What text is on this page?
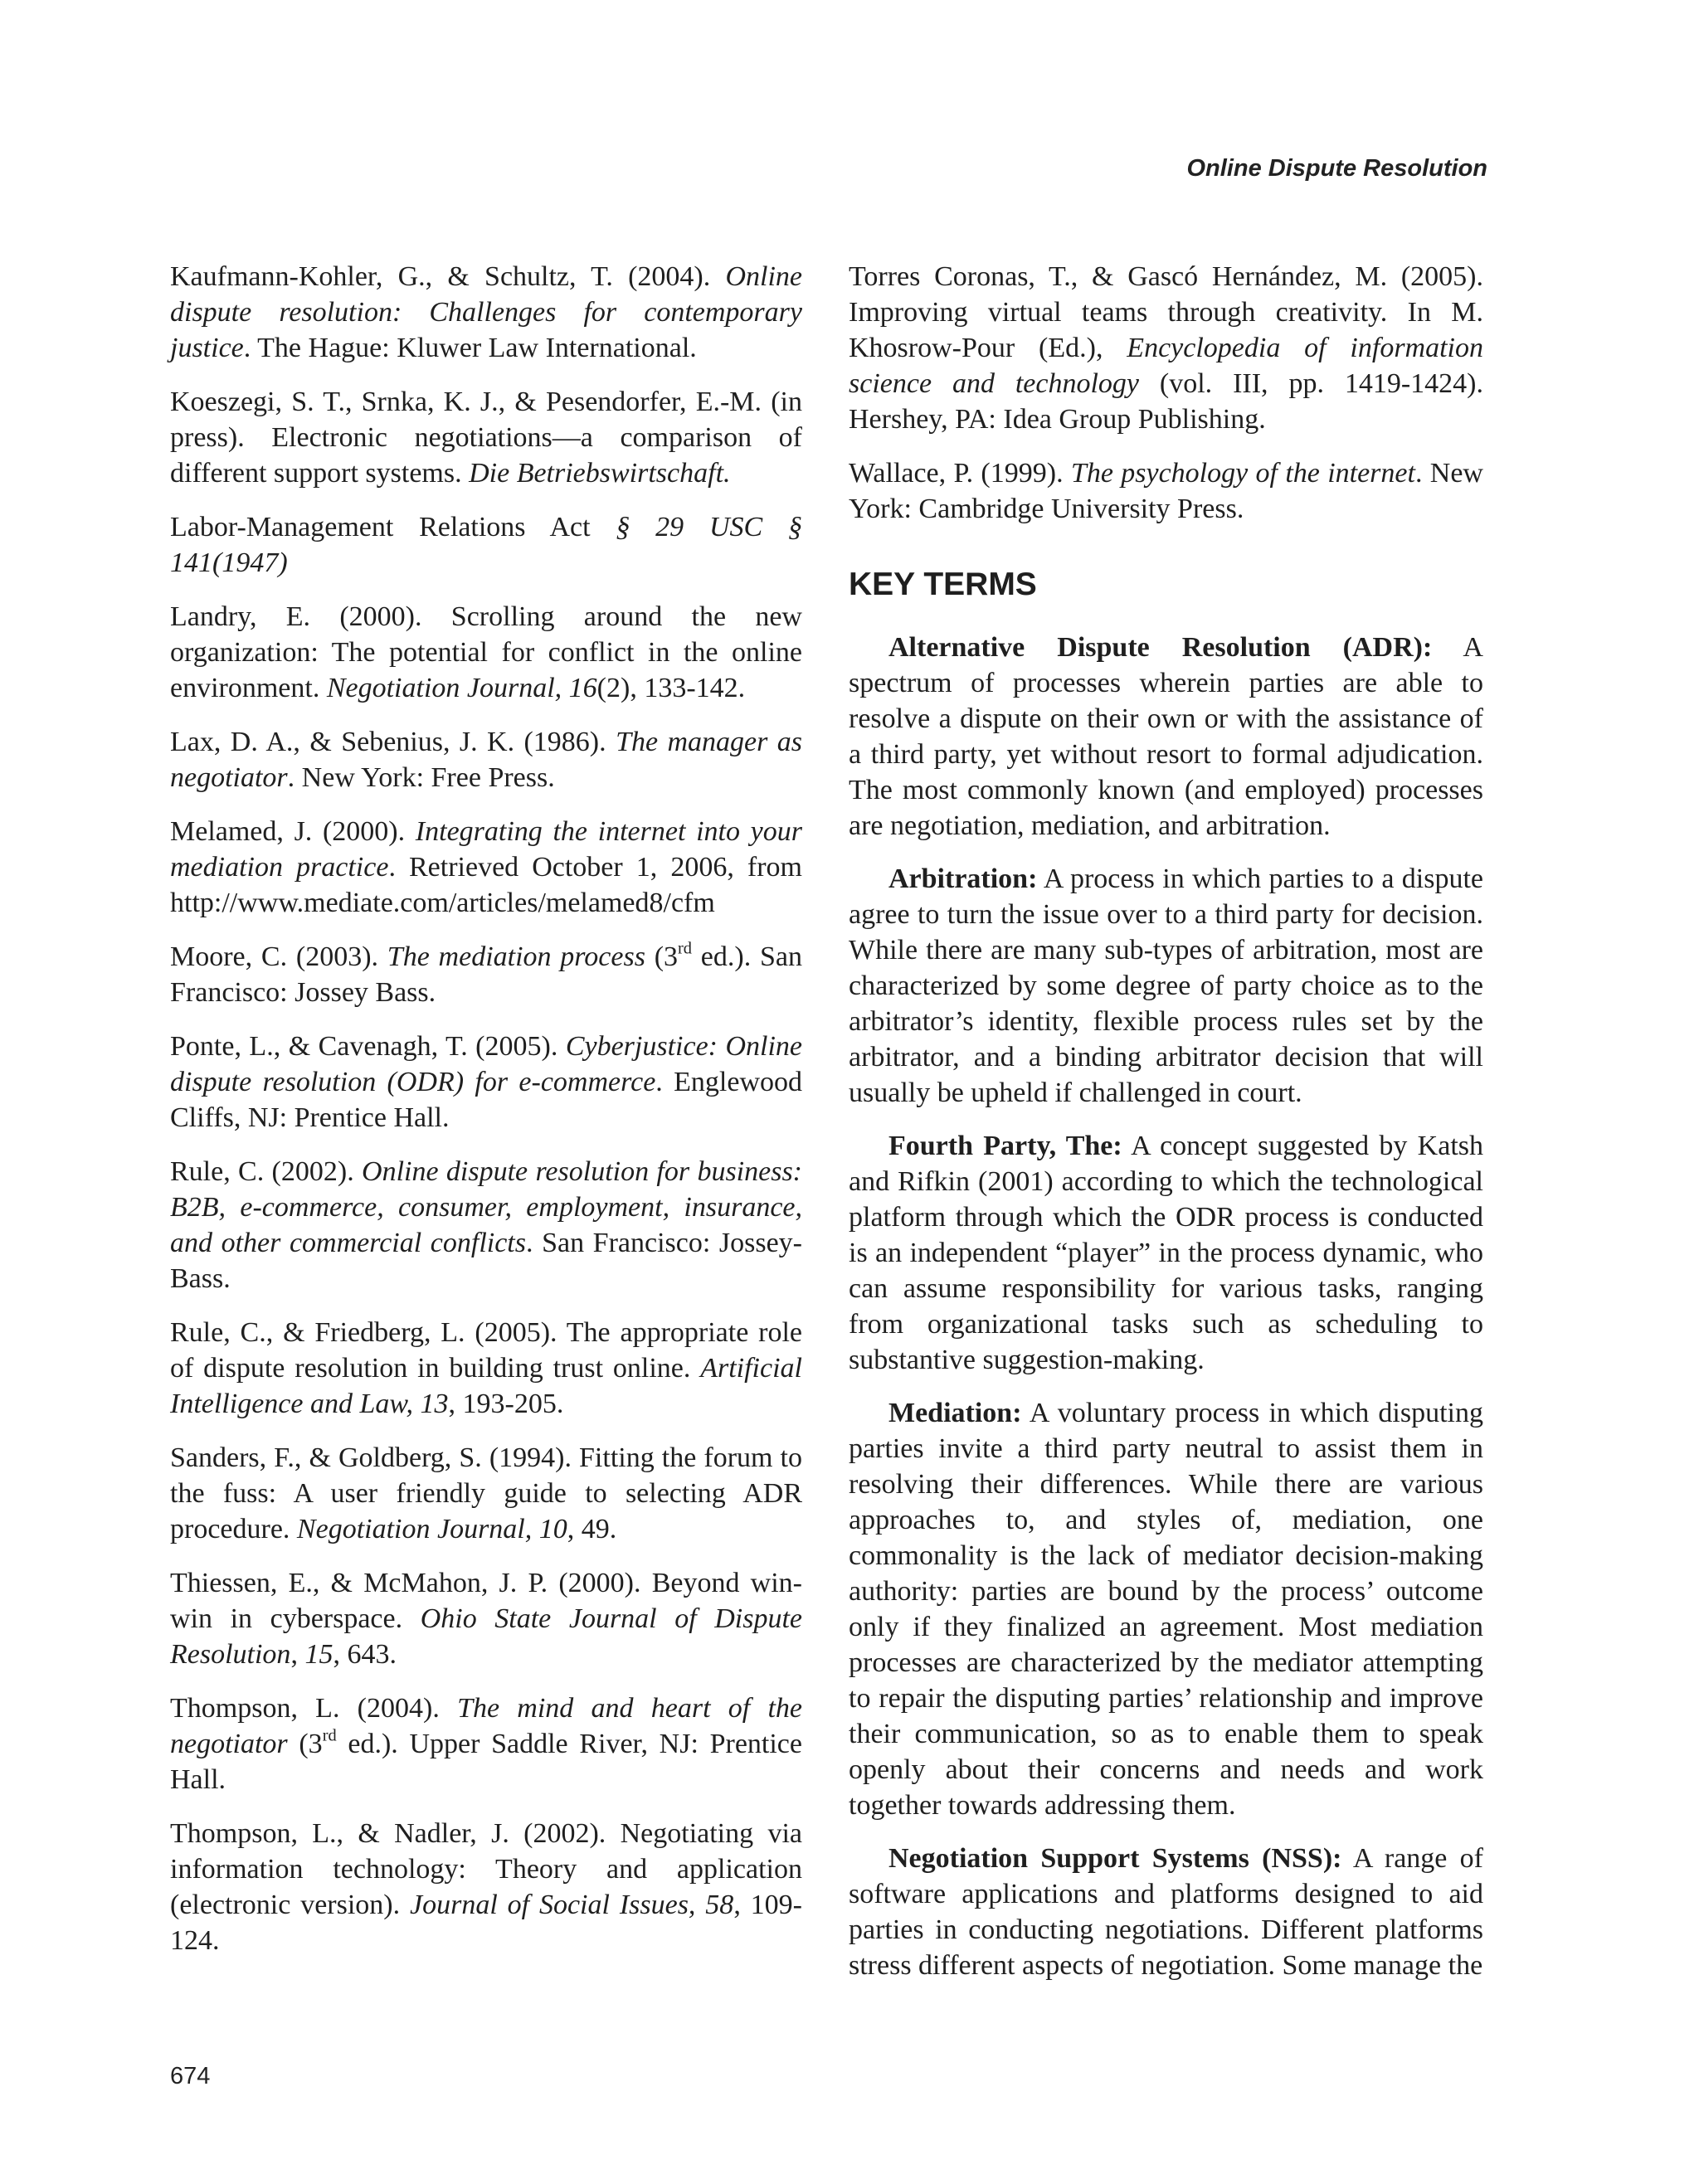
Online Dispute Resolution

Kaufmann-Kohler, G., & Schultz, T. (2004). Online dispute resolution: Challenges for contemporary justice. The Hague: Kluwer Law International.

Koeszegi, S. T., Srnka, K. J., & Pesendorfer, E.-M. (in press). Electronic negotiations—a comparison of different support systems. Die Betriebswirtschaft.

Labor-Management Relations Act § 29 USC § 141(1947)

Landry, E. (2000). Scrolling around the new organization: The potential for conflict in the online environment. Negotiation Journal, 16(2), 133-142.

Lax, D. A., & Sebenius, J. K. (1986). The manager as negotiator. New York: Free Press.

Melamed, J. (2000). Integrating the internet into your mediation practice. Retrieved October 1, 2006, from http://www.mediate.com/articles/melamed8/cfm

Moore, C. (2003). The mediation process (3rd ed.). San Francisco: Jossey Bass.

Ponte, L., & Cavenagh, T. (2005). Cyberjustice: Online dispute resolution (ODR) for e-commerce. Englewood Cliffs, NJ: Prentice Hall.

Rule, C. (2002). Online dispute resolution for business: B2B, e-commerce, consumer, employment, insurance, and other commercial conflicts. San Francisco: Jossey-Bass.

Rule, C., & Friedberg, L. (2005). The appropriate role of dispute resolution in building trust online. Artificial Intelligence and Law, 13, 193-205.

Sanders, F., & Goldberg, S. (1994). Fitting the forum to the fuss: A user friendly guide to selecting ADR procedure. Negotiation Journal, 10, 49.

Thiessen, E., & McMahon, J. P. (2000). Beyond win-win in cyberspace. Ohio State Journal of Dispute Resolution, 15, 643.

Thompson, L. (2004). The mind and heart of the negotiator (3rd ed.). Upper Saddle River, NJ: Prentice Hall.

Thompson, L., & Nadler, J. (2002). Negotiating via information technology: Theory and application (electronic version). Journal of Social Issues, 58, 109-124.

Torres Coronas, T., & Gascó Hernández, M. (2005). Improving virtual teams through creativity. In M. Khosrow-Pour (Ed.), Encyclopedia of information science and technology (vol. III, pp. 1419-1424). Hershey, PA: Idea Group Publishing.

Wallace, P. (1999). The psychology of the internet. New York: Cambridge University Press.

KEY TERMS

Alternative Dispute Resolution (ADR): A spectrum of processes wherein parties are able to resolve a dispute on their own or with the assistance of a third party, yet without resort to formal adjudication. The most commonly known (and employed) processes are negotiation, mediation, and arbitration.

Arbitration: A process in which parties to a dispute agree to turn the issue over to a third party for decision. While there are many sub-types of arbitration, most are characterized by some degree of party choice as to the arbitrator’s identity, flexible process rules set by the arbitrator, and a binding arbitrator decision that will usually be upheld if challenged in court.

Fourth Party, The: A concept suggested by Katsh and Rifkin (2001) according to which the technological platform through which the ODR process is conducted is an independent “player” in the process dynamic, who can assume responsibility for various tasks, ranging from organizational tasks such as scheduling to substantive suggestion-making.

Mediation: A voluntary process in which disputing parties invite a third party neutral to assist them in resolving their differences. While there are various approaches to, and styles of, mediation, one commonality is the lack of mediator decision-making authority: parties are bound by the process’ outcome only if they finalized an agreement. Most mediation processes are characterized by the mediator attempting to repair the disputing parties’ relationship and improve their communication, so as to enable them to speak openly about their concerns and needs and work together towards addressing them.

Negotiation Support Systems (NSS): A range of software applications and platforms designed to aid parties in conducting negotiations. Different platforms stress different aspects of negotiation. Some manage the

674
